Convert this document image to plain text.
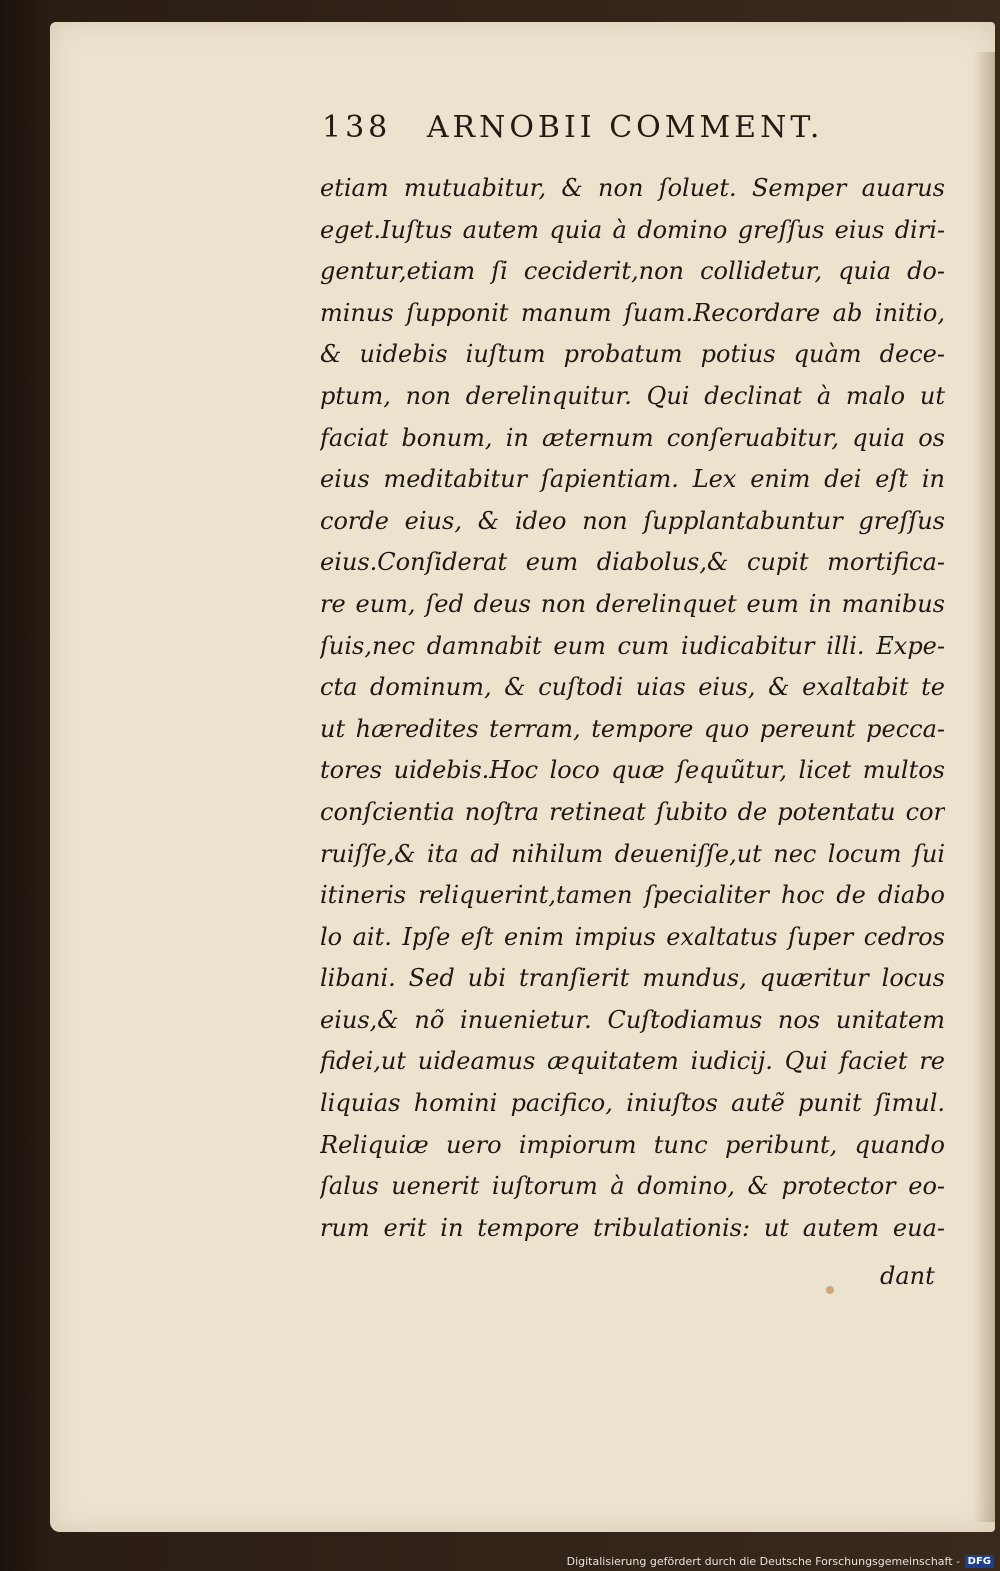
138 ARNOBII COMMENT.
etiam mutuabitur, & non ſoluet. Semper auarus
eget.Iuſtus autem quia à domino greſſus eius diri-
gentur,etiam ſi ceciderit,non collidetur, quia do-
minus ſupponit manum ſuam.Recordare ab initio,
& uidebis iuſtum probatum potius quàm dece-
ptum, non derelinquitur. Qui declinat à malo ut
faciat bonum, in æternum conſeruabitur, quia os
eius meditabitur ſapientiam. Lex enim dei eſt in
corde eius, & ideo non ſupplantabuntur greſſus
eius.Conſiderat eum diabolus,& cupit mortifica-
re eum, ſed deus non derelinquet eum in manibus
ſuis,nec damnabit eum cum iudicabitur illi. Expe-
cta dominum, & cuſtodi uias eius, & exaltabit te
ut hæredites terram, tempore quo pereunt pecca-
tores uidebis.Hoc loco quæ ſequũtur, licet multos
conſcientia noſtra retineat ſubito de potentatu cor
ruiſſe,& ita ad nihilum deueniſſe,ut nec locum ſui
itineris reliquerint,tamen ſpecialiter hoc de diabo
lo ait. Ipſe eſt enim impius exaltatus ſuper cedros
libani. Sed ubi tranſierit mundus, quæritur locus
eius,& nõ inuenietur. Cuſtodiamus nos unitatem
fidei,ut uideamus æquitatem iudicij. Qui faciet re
liquias homini pacifico, iniuſtos autẽ punit ſimul.
Reliquiæ uero impiorum tunc peribunt, quando
ſalus uenerit iuſtorum à domino, & protector eo-
rum erit in tempore tribulationis: ut autem eua-
dant
Digitalisierung gefördert durch die Deutsche Forschungsgemeinschaft - DFG
